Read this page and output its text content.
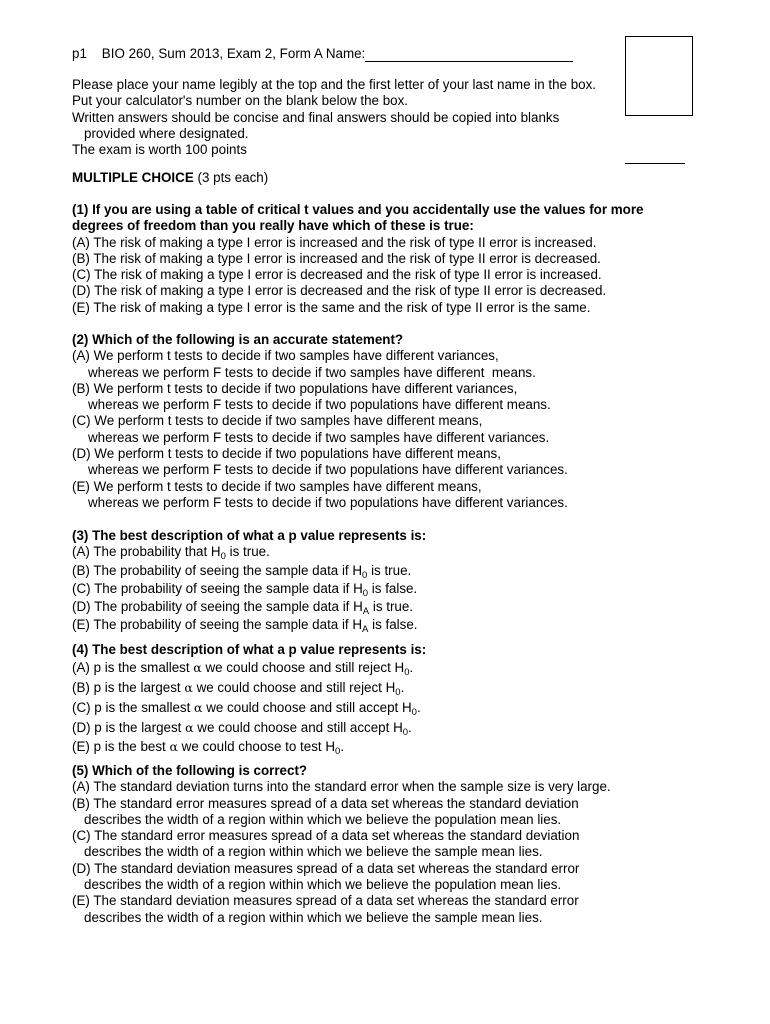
p1 BIO 260, Sum 2013, Exam 2, Form A Name:
Please place your name legibly at the top and the first letter of your last name in the box.
Put your calculator's number on the blank below the box.
Written answers should be concise and final answers should be copied into blanks
provided where designated.
The exam is worth 100 points
MULTIPLE CHOICE (3 pts each)
(1) If you are using a table of critical t values and you accidentally use the values for more
degrees of freedom than you really have which of these is true:
(A) The risk of making a type I error is increased and the risk of type II error is increased.
(B) The risk of making a type I error is increased and the risk of type II error is decreased.
(C) The risk of making a type I error is decreased and the risk of type II error is increased.
(D) The risk of making a type I error is decreased and the risk of type II error is decreased.
(E) The risk of making a type I error is the same and the risk of type II error is the same.
(2) Which of the following is an accurate statement?
(A) We perform t tests to decide if two samples have different variances,
whereas we perform F tests to decide if two samples have different  means.
(B) We perform t tests to decide if two populations have different variances,
whereas we perform F tests to decide if two populations have different means.
(C) We perform t tests to decide if two samples have different means,
whereas we perform F tests to decide if two samples have different variances.
(D) We perform t tests to decide if two populations have different means,
whereas we perform F tests to decide if two populations have different variances.
(E) We perform t tests to decide if two samples have different means,
whereas we perform F tests to decide if two populations have different variances.
(3) The best description of what a p value represents is:
(A) The probability that $H_0$ is true.
(B) The probability of seeing the sample data if $H_0$ is true.
(C) The probability of seeing the sample data if $H_0$ is false.
(D) The probability of seeing the sample data if $H_A$ is true.
(E) The probability of seeing the sample data if $H_A$ is false.
(4) The best description of what a p value represents is:
(A) p is the smallest α we could choose and still reject $H_0$.
(B) p is the largest α we could choose and still reject $H_0$.
(C) p is the smallest α we could choose and still accept $H_0$.
(D) p is the largest α we could choose and still accept $H_0$.
(E) p is the best α we could choose to test $H_0$.
(5) Which of the following is correct?
(A) The standard deviation turns into the standard error when the sample size is very large.
(B) The standard error measures spread of a data set whereas the standard deviation
describes the width of a region within which we believe the population mean lies.
(C) The standard error measures spread of a data set whereas the standard deviation
describes the width of a region within which we believe the sample mean lies.
(D) The standard deviation measures spread of a data set whereas the standard error
describes the width of a region within which we believe the population mean lies.
(E) The standard deviation measures spread of a data set whereas the standard error
describes the width of a region within which we believe the sample mean lies.
